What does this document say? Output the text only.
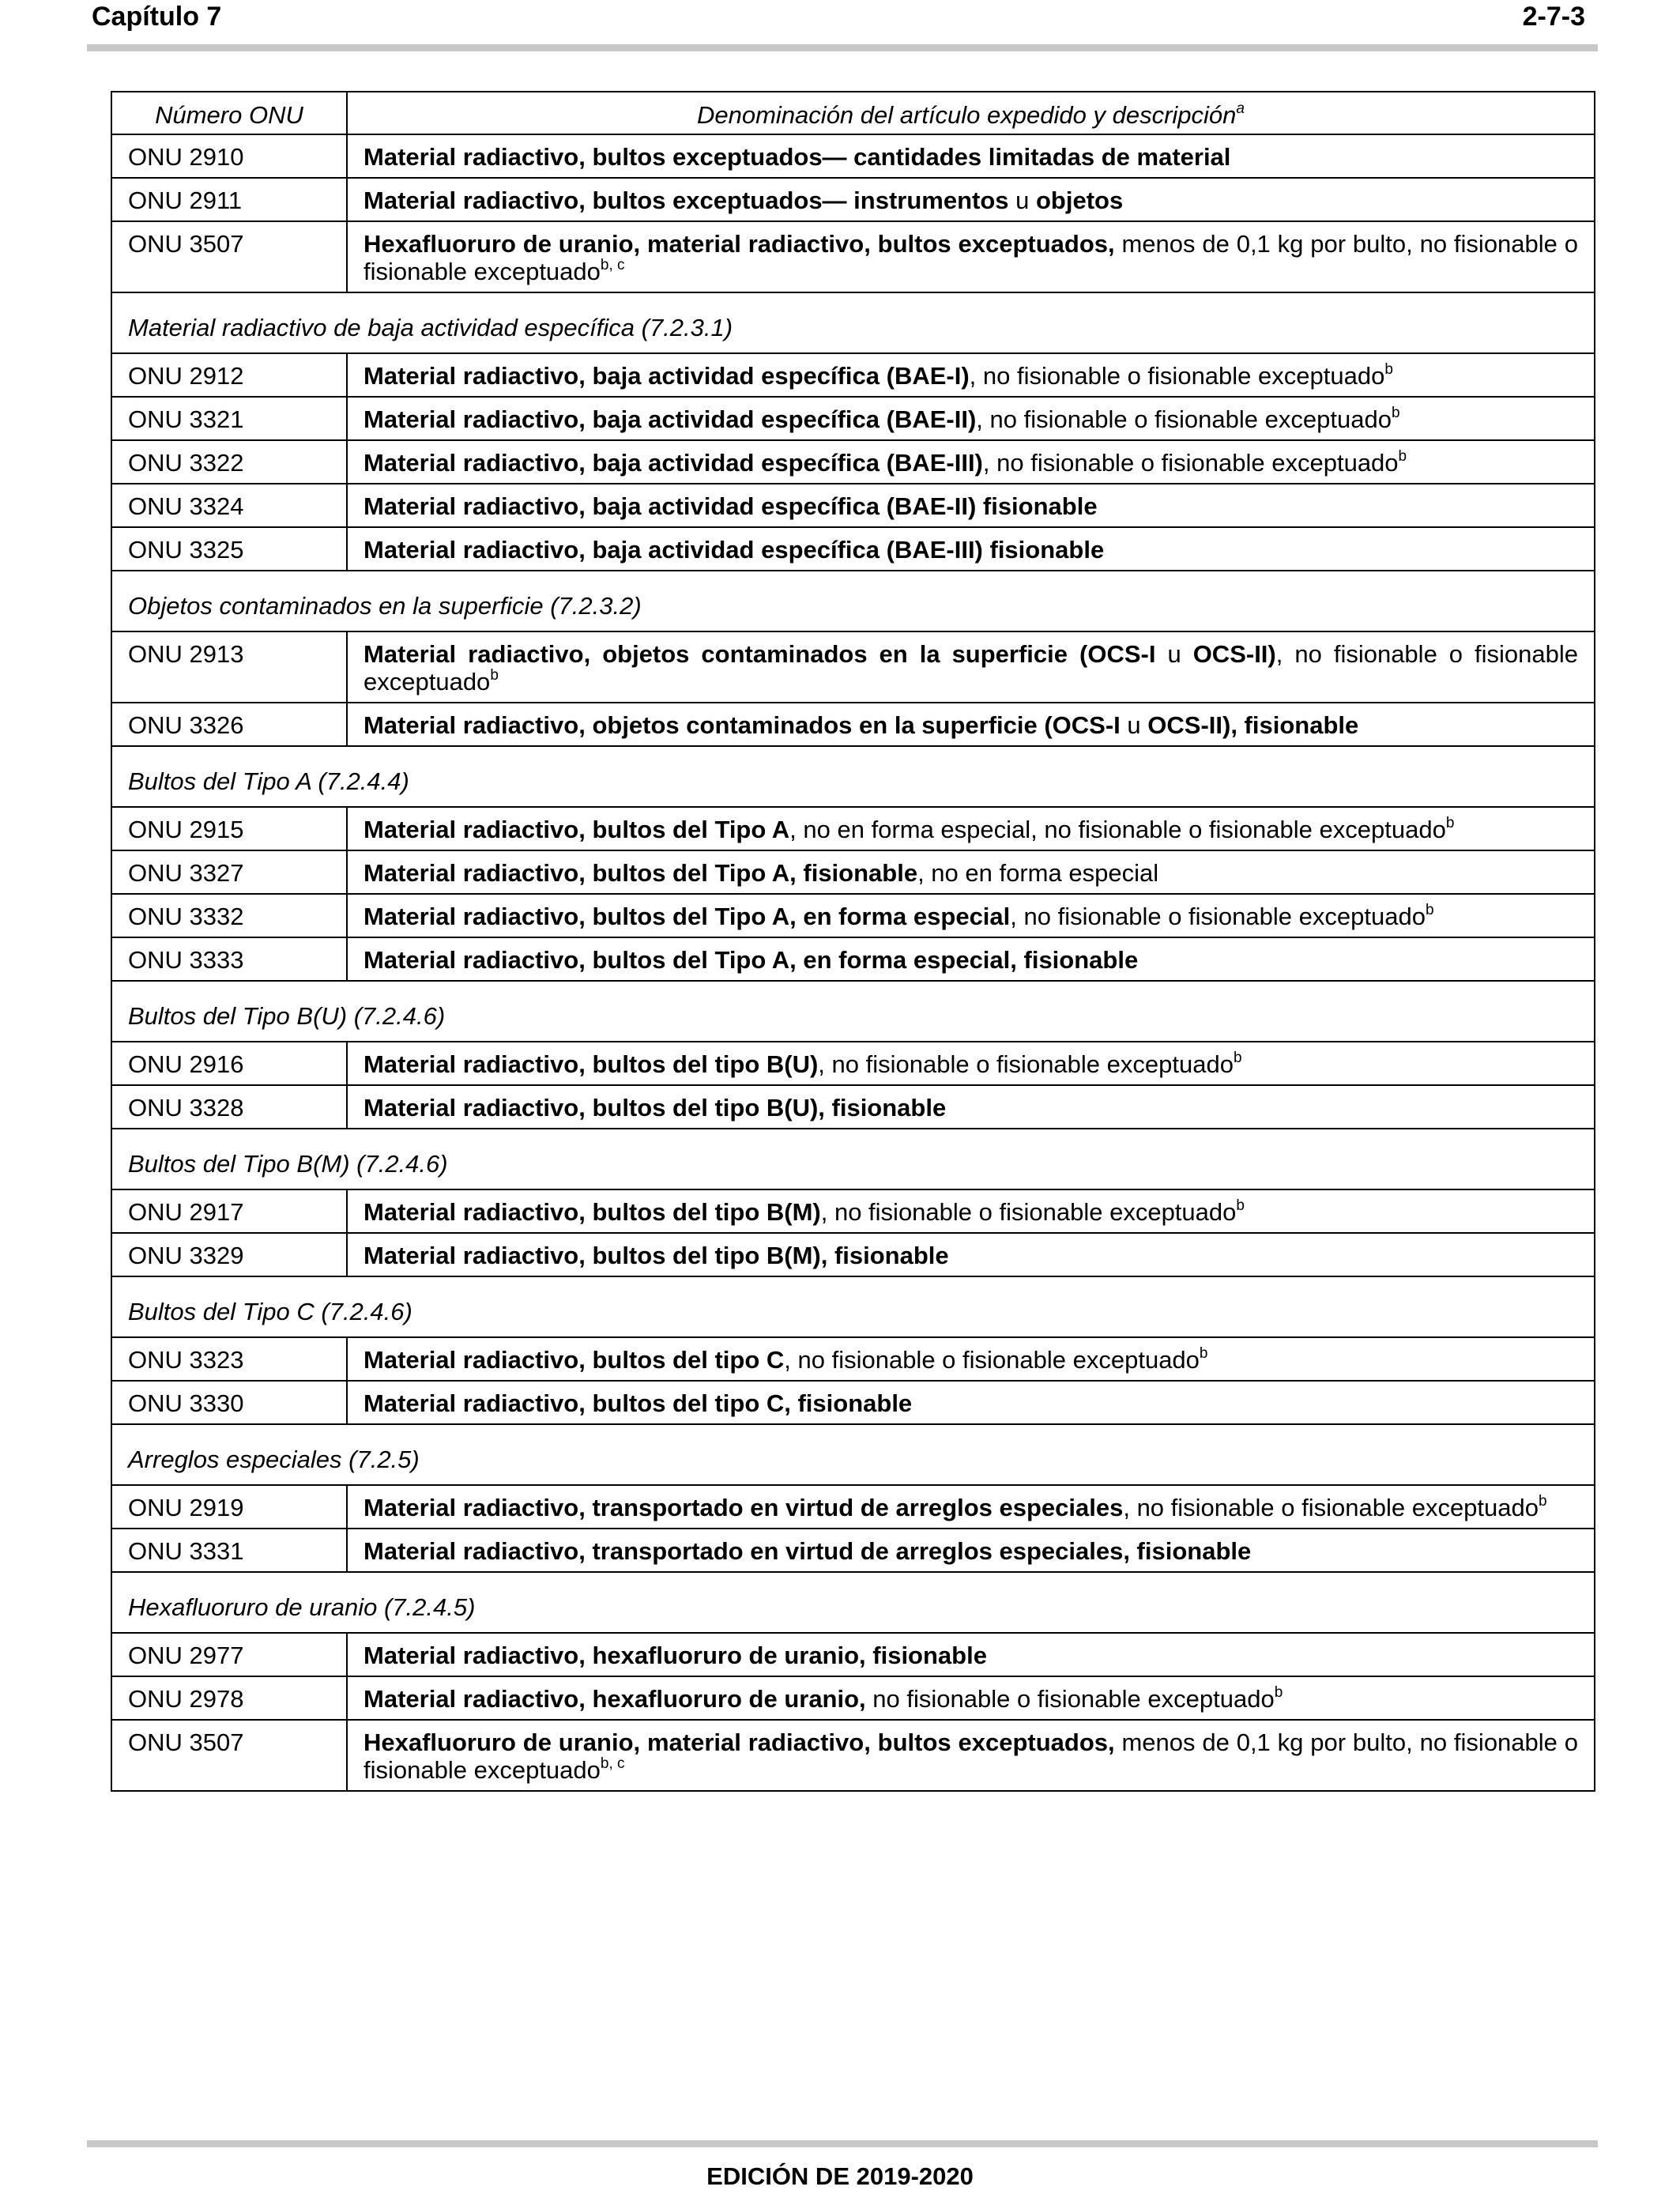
Capítulo 7	2-7-3
Número ONU	Denominación del artículo expedido y descripción$^a$
ONU 2910	Material radiactivo, bultos exceptuados— cantidades limitadas de material
ONU 2911	Material radiactivo, bultos exceptuados— instrumentos u objetos
ONU 3507	Hexafluoruro de uranio, material radiactivo, bultos exceptuados, menos de 0,1 kg por bulto, no fisionable o fisionable exceptuado$^{b, c}$
Material radiactivo de baja actividad específica (7.2.3.1)	
ONU 2912	Material radiactivo, baja actividad específica (BAE-I), no fisionable o fisionable exceptuado$^b$
ONU 3321	Material radiactivo, baja actividad específica (BAE-II), no fisionable o fisionable exceptuado$^b$
ONU 3322	Material radiactivo, baja actividad específica (BAE-III), no fisionable o fisionable exceptuado$^b$
ONU 3324	Material radiactivo, baja actividad específica (BAE-II) fisionable
ONU 3325	Material radiactivo, baja actividad específica (BAE-III) fisionable
Objetos contaminados en la superficie (7.2.3.2)	
ONU 2913	Material radiactivo, objetos contaminados en la superficie (OCS-I u OCS-II), no fisionable o fisionable exceptuado$^b$
ONU 3326	Material radiactivo, objetos contaminados en la superficie (OCS-I u OCS-II), fisionable
Bultos del Tipo A (7.2.4.4)	
ONU 2915	Material radiactivo, bultos del Tipo A, no en forma especial, no fisionable o fisionable exceptuado$^b$
ONU 3327	Material radiactivo, bultos del Tipo A, fisionable, no en forma especial
ONU 3332	Material radiactivo, bultos del Tipo A, en forma especial, no fisionable o fisionable exceptuado$^b$
ONU 3333	Material radiactivo, bultos del Tipo A, en forma especial, fisionable
Bultos del Tipo B(U) (7.2.4.6)	
ONU 2916	Material radiactivo, bultos del tipo B(U), no fisionable o fisionable exceptuado$^b$
ONU 3328	Material radiactivo, bultos del tipo B(U), fisionable
Bultos del Tipo B(M) (7.2.4.6)	
ONU 2917	Material radiactivo, bultos del tipo B(M), no fisionable o fisionable exceptuado$^b$
ONU 3329	Material radiactivo, bultos del tipo B(M), fisionable
Bultos del Tipo C (7.2.4.6)	
ONU 3323	Material radiactivo, bultos del tipo C, no fisionable o fisionable exceptuado$^b$
ONU 3330	Material radiactivo, bultos del tipo C, fisionable
Arreglos especiales (7.2.5)	
ONU 2919	Material radiactivo, transportado en virtud de arreglos especiales, no fisionable o fisionable exceptuado$^b$
ONU 3331	Material radiactivo, transportado en virtud de arreglos especiales, fisionable
Hexafluoruro de uranio (7.2.4.5)	
ONU 2977	Material radiactivo, hexafluoruro de uranio, fisionable
ONU 2978	Material radiactivo, hexafluoruro de uranio, no fisionable o fisionable exceptuado$^b$
ONU 3507	Hexafluoruro de uranio, material radiactivo, bultos exceptuados, menos de 0,1 kg por bulto, no fisionable o fisionable exceptuado$^{b, c}$
EDICIÓN DE 2019-2020
